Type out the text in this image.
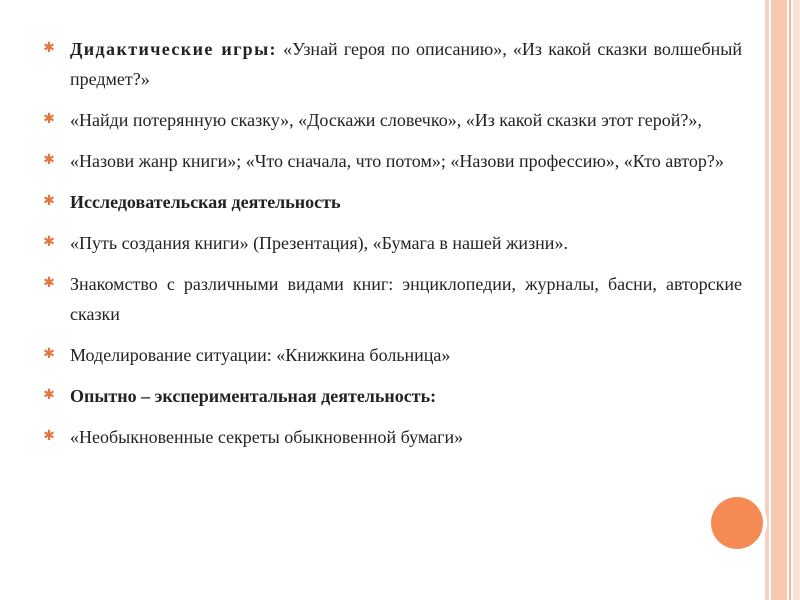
✱ Дидактические игры: «Узнай героя по описанию», «Из какой сказки волшебный предмет?»
✱ «Найди потерянную сказку», «Доскажи словечко», «Из какой сказки этот герой?»,
✱ «Назови жанр книги»; «Что сначала, что потом»; «Назови профессию», «Кто автор?»
✱ Исследовательская деятельность
✱ «Путь создания книги» (Презентация), «Бумага в нашей жизни».
✱ Знакомство с различными видами книг: энциклопедии, журналы, басни, авторские сказки
✱ Моделирование ситуации: «Книжкина больница»
✱ Опытно – экспериментальная деятельность:
✱ «Необыкновенные секреты обыкновенной бумаги»
